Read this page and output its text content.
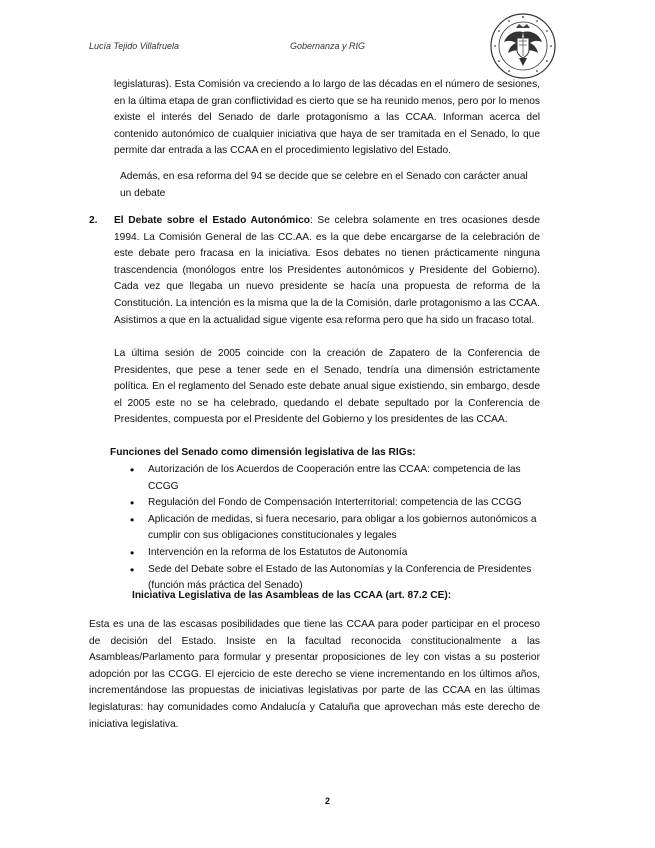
Lucía Tejido Villafruela	Gobernanza y RIG
legislaturas). Esta Comisión va creciendo a lo largo de las décadas en el número de sesiones, en la última etapa de gran conflictividad es cierto que se ha reunido menos, pero por lo menos existe el interés del Senado de darle protagonismo a las CCAA. Informan acerca del contenido autonómico de cualquier iniciativa que haya de ser tramitada en el Senado, lo que permite dar entrada a las CCAA en el procedimiento legislativo del Estado.
Además, en esa reforma del 94 se decide que se celebre en el Senado con carácter anual un debate
2. El Debate sobre el Estado Autonómico: Se celebra solamente en tres ocasiones desde 1994. La Comisión General de las CC.AA. es la que debe encargarse de la celebración de este debate pero fracasa en la iniciativa. Esos debates no tienen prácticamente ninguna trascendencia (monólogos entre los Presidentes autonómicos y Presidente del Gobierno). Cada vez que llegaba un nuevo presidente se hacía una propuesta de reforma de la Constitución. La intención es la misma que la de la Comisión, darle protagonismo a las CCAA. Asistimos a que en la actualidad sigue vigente esa reforma pero que ha sido un fracaso total.
La última sesión de 2005 coincide con la creación de Zapatero de la Conferencia de Presidentes, que pese a tener sede en el Senado, tendría una dimensión estrictamente política. En el reglamento del Senado este debate anual sigue existiendo, sin embargo, desde el 2005 este no se ha celebrado, quedando el debate sepultado por la Conferencia de Presidentes, compuesta por el Presidente del Gobierno y los presidentes de las CCAA.
Funciones del Senado como dimensión legislativa de las RIGs:
• Autorización de los Acuerdos de Cooperación entre las CCAA: competencia de las CCGG
• Regulación del Fondo de Compensación Interterritorial: competencia de las CCGG
• Aplicación de medidas, si fuera necesario, para obligar a los gobiernos autonómicos a cumplir con sus obligaciones constitucionales y legales
• Intervención en la reforma de los Estatutos de Autonomía
• Sede del Debate sobre el Estado de las Autonomías y la Conferencia de Presidentes (función más práctica del Senado)
Iniciativa Legislativa de las Asambleas de las CCAA (art. 87.2 CE):
Esta es una de las escasas posibilidades que tiene las CCAA para poder participar en el proceso de decisión del Estado. Insiste en la facultad reconocida constitucionalmente a las Asambleas/Parlamento para formular y presentar proposiciones de ley con vistas a su posterior adopción por las CCGG. El ejercicio de este derecho se viene incrementando en los últimos años, incrementándose las propuestas de iniciativas legislativas por parte de las CCAA en las últimas legislaturas: hay comunidades como Andalucía y Cataluña que aprovechan más este derecho de iniciativa legislativa.
2
